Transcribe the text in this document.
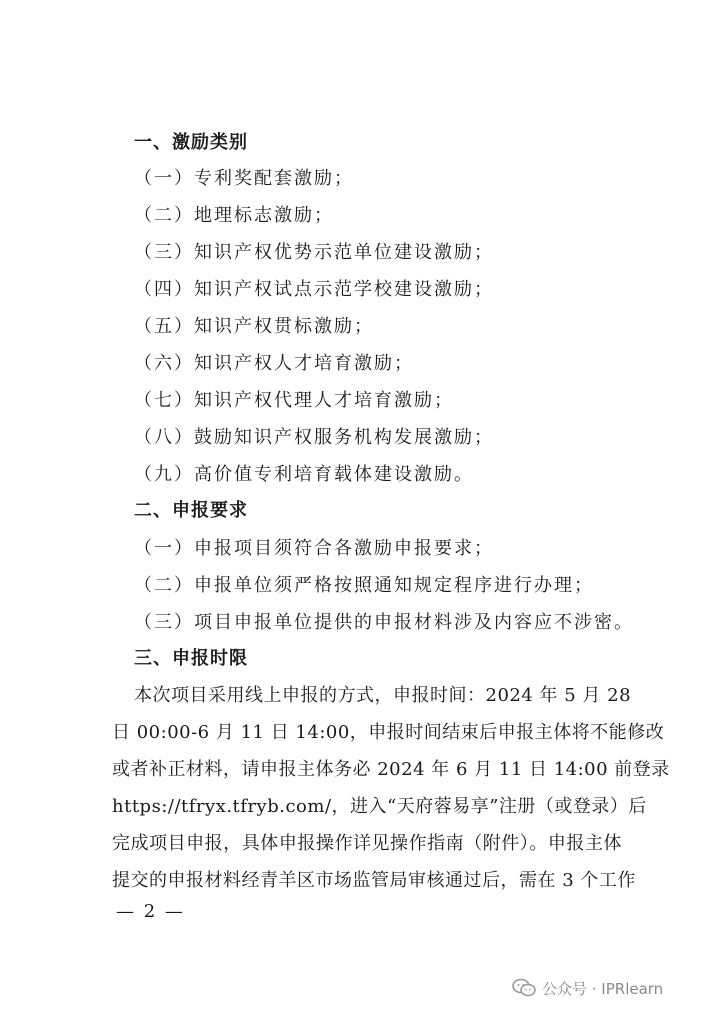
一、激励类别
（一）专利奖配套激励；
（二）地理标志激励；
（三）知识产权优势示范单位建设激励；
（四）知识产权试点示范学校建设激励；
（五）知识产权贯标激励；
（六）知识产权人才培育激励；
（七）知识产权代理人才培育激励；
（八）鼓励知识产权服务机构发展激励；
（九）高价值专利培育载体建设激励。
二、申报要求
（一）申报项目须符合各激励申报要求；
（二）申报单位须严格按照通知规定程序进行办理；
（三）项目申报单位提供的申报材料涉及内容应不涉密。
三、申报时限
本次项目采用线上申报的方式，申报时间：2024 年 5 月 28
日 00:00-6 月 11 日 14:00，申报时间结束后申报主体将不能修改
或者补正材料，请申报主体务必 2024 年 6 月 11 日 14:00 前登录
https://tfryx.tfryb.com/，进入“天府蓉易享”注册（或登录）后
完成项目申报，具体申报操作详见操作指南（附件）。申报主体
提交的申报材料经青羊区市场监管局审核通过后，需在 3 个工作
— 2 —
公众号 · IPRlearn
